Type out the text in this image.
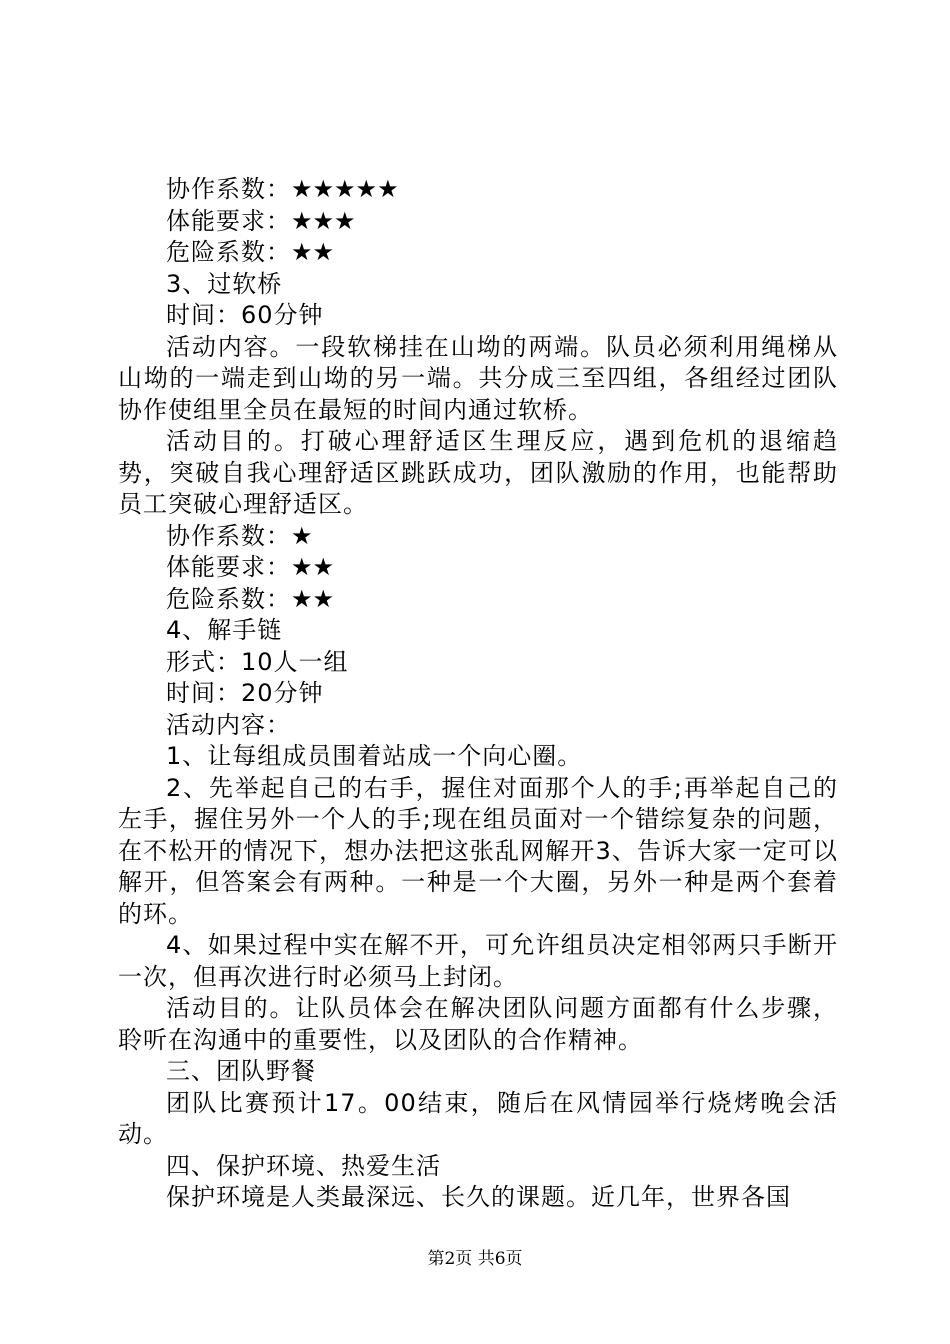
协作系数：★★★★★

体能要求：★★★

危险系数：★★

3、过软桥

时间：60分钟

活动内容。一段软梯挂在山坳的两端。队员必须利用绳梯从山坳的一端走到山坳的另一端。共分成三至四组，各组经过团队协作使组里全员在最短的时间内通过软桥。

活动目的。打破心理舒适区生理反应，遇到危机的退缩趋势，突破自我心理舒适区跳跃成功，团队激励的作用，也能帮助员工突破心理舒适区。

协作系数：★

体能要求：★★

危险系数：★★

4、解手链

形式：10人一组

时间：20分钟

活动内容：

1、让每组成员围着站成一个向心圈。

2、先举起自己的右手，握住对面那个人的手;再举起自己的左手，握住另外一个人的手;现在组员面对一个错综复杂的问题，在不松开的情况下，想办法把这张乱网解开3、告诉大家一定可以解开，但答案会有两种。一种是一个大圈，另外一种是两个套着的环。

4、如果过程中实在解不开，可允许组员决定相邻两只手断开一次，但再次进行时必须马上封闭。

活动目的。让队员体会在解决团队问题方面都有什么步骤，聆听在沟通中的重要性，以及团队的合作精神。

三、团队野餐

团队比赛预计17。00结束，随后在风情园举行烧烤晚会活动。

四、保护环境、热爱生活

保护环境是人类最深远、长久的课题。近几年，世界各国

第2页 共6页
